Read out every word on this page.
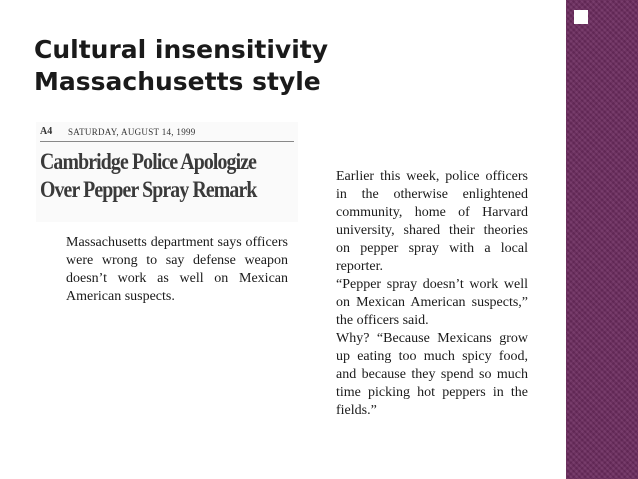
Cultural insensitivity
Massachusetts style
A4 SATURDAY, AUGUST 14, 1999
Cambridge Police Apologize
Over Pepper Spray Remark
Massachusetts department says officers were wrong to say defense weapon doesn’t work as well on Mexican American suspects.

Earlier this week, police officers in the otherwise enlightened community, home of Harvard university, shared their theories on pepper spray with a local reporter.

“Pepper spray doesn’t work well on Mexican American suspects,” the officers said.

Why? “Because Mexicans grow up eating too much spicy food, and because they spend so much time picking hot peppers in the fields.”
